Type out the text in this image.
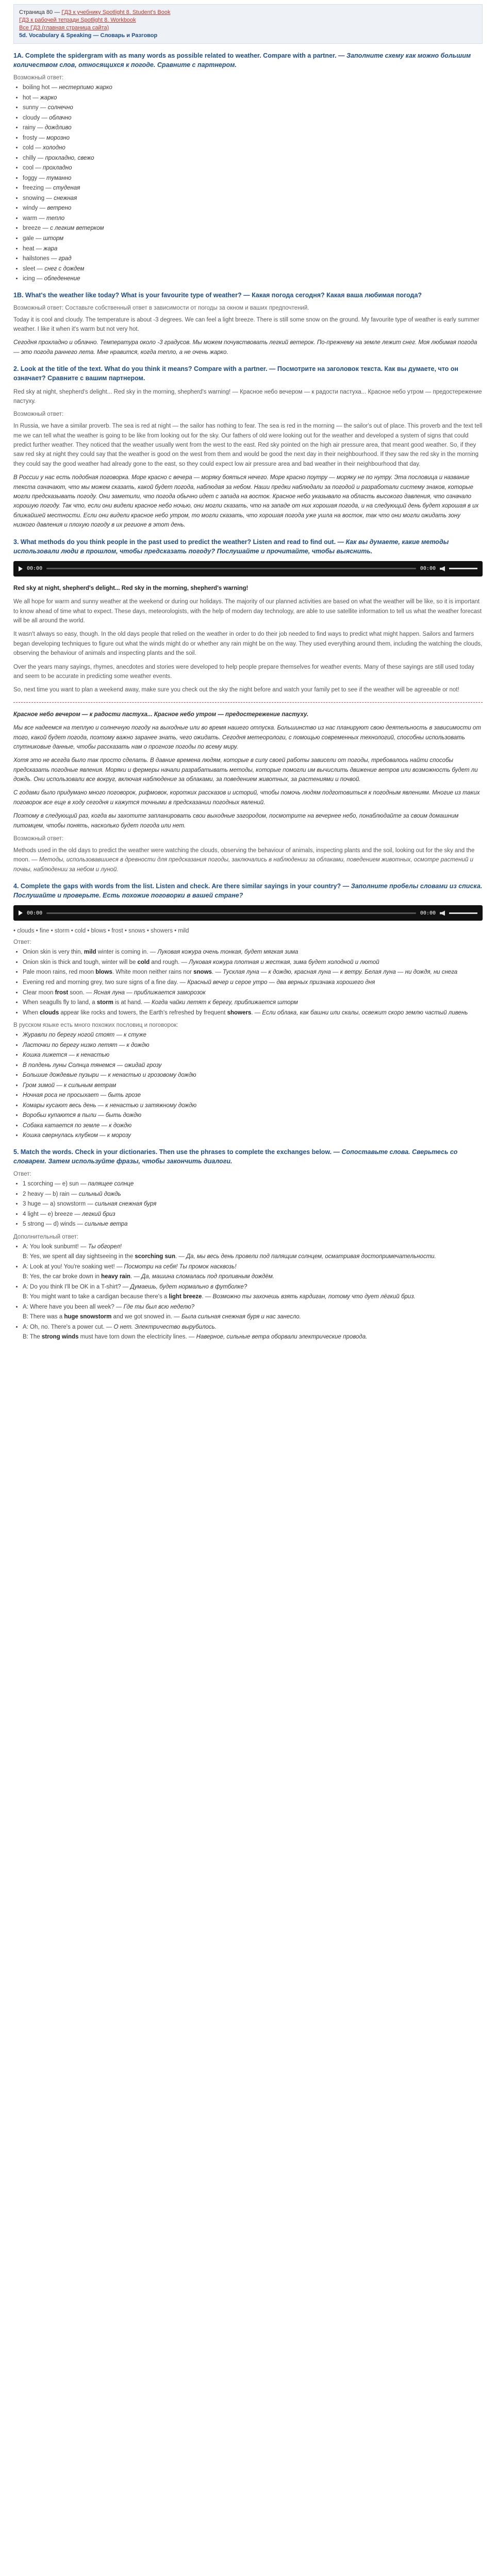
Страница 80 — ГДЗ к учебнику Spotlight 8. Student's Book
ГДЗ к рабочей тетради Spotlight 8. Workbook
Все ГДЗ (главная страница сайта)
5d. Vocabulary & Speaking — Словарь и Разговор
1A. Complete the spidergram with as many words as possible related to weather. Compare with a partner. — Заполните схему как можно большим количеством слов, относящихся к погоде. Сравните с партнером.
Возможный ответ:
• boiling hot — нестерпимо жарко
• hot — жарко
• sunny — солнечно
• cloudy — облачно
• rainy — дождливо
• frosty — морозно
• cold — холодно
• chilly — прохладно, свежо
• cool — прохладно
• foggy — туманно
• freezing — студеная
• snowing — снежная
• windy — ветрено
• warm — тепло
• breeze — с легким ветерком
• gale — шторм
• heat — жара
• hailstones — град
• sleet — снег с дождем
• icing — обледенение
1B. What's the weather like today? What is your favourite type of weather? — Какая погода сегодня? Какая ваша любимая погода?
Возможный ответ: Составьте собственный ответ в зависимости от погоды за окном и ваших предпочтений.
Today it is cool and cloudy. The temperature is about -3 degrees. We can feel a light breeze. There is still some snow on the ground. My favourite type of weather is early summer weather. I like it when it's warm but not very hot.
Сегодня прохладно и облачно. Температура около -3 градусов. Мы можем почувствовать легкий ветерок. По-прежнему на земле лежит снег. Моя любимая погода — это погода раннего лета. Мне нравится, когда тепло, а не очень жарко.
2. Look at the title of the text. What do you think it means? Compare with a partner. — Посмотрите на заголовок текста. Как вы думаете, что он означает? Сравните с вашим партнером.
Red sky at night, shepherd's delight... Red sky in the morning, shepherd's warning! — Красное небо вечером — к радости пастуха... Красное небо утром — предостережение пастуху.
Возможный ответ:
In Russia, we have a similar proverb. The sea is red at night — the sailor has nothing to fear. The sea is red in the morning — the sailor's out of place. This proverb and the text tell me we can tell what the weather is going to be like from looking out for the sky. Our fathers of old were looking out for the weather and developed a system of signs that could predict further weather. They noticed that the weather usually went from the west to the east. Red sky pointed on the high air pressure area, that meant good weather. So, if they saw red sky at night they could say that the weather is good on the west from them and would be good the next day in their neighbourhood. If they saw the red sky in the morning they could say the good weather had already gone to the east, so they could expect low air pressure area and bad weather in their neighbourhood that day.
В России у нас есть подобная поговорка. Море красно с вечера — моряку бояться нечего. Море красно поутру — моряку не по нутру. Эта пословица и название текста означают, что мы можем сказать, какой будет погода, наблюдая за небом. Наши предки наблюдали за погодой и разработали систему знаков, которые могли предсказывать погоду. Они заметили, что погода обычно идет с запада на восток. Красное небо указывало на область высокого давления, что означало хорошую погоду. Так что, если они видели красное небо ночью, они могли сказать, что на западе от них хорошая погода, и на следующий день будет хорошая в их ближайшей местности. Если они видели красное небо утром, то могли сказать, что хорошая погода уже ушла на восток, так что они могли ожидать зону низкого давления и плохую погоду в их регионе в этот день.
3. What methods do you think people in the past used to predict the weather? Listen and read to find out. — Как вы думаете, какие методы использовали люди в прошлом, чтобы предсказать погоду? Послушайте и прочитайте, чтобы выяснить.
00:00	00:00
Red sky at night, shepherd's delight... Red sky in the morning, shepherd's warning!
We all hope for warm and sunny weather at the weekend or during our holidays. The majority of our planned activities are based on what the weather will be like, so it is important to know ahead of time what to expect. These days, meteorologists, with the help of modern day technology, are able to use satellite information to tell us what the weather forecast will be all around the world.
It wasn't always so easy, though. In the old days people that relied on the weather in order to do their job needed to find ways to predict what might happen. Sailors and farmers began developing techniques to figure out what the winds might do or whether any rain might be on the way. They used everything around them, including the watching the clouds, observing the behaviour of animals and inspecting plants and the soil.
Over the years many sayings, rhymes, anecdotes and stories were developed to help people prepare themselves for weather events. Many of these sayings are still used today and seem to be accurate in predicting some weather events.
So, next time you want to plan a weekend away, make sure you check out the sky the night before and watch your family pet to see if the weather will be agreeable or not!
Красное небо вечером — к радости пастуха... Красное небо утром — предостережение пастуху.
Мы все надеемся на теплую и солнечную погоду на выходные или во время нашего отпуска. Большинство из нас планируют свою деятельность в зависимости от того, какой будет погода, поэтому важно заранее знать, чего ожидать. Сегодня метеорологи, с помощью современных технологий, способны использовать спутниковые данные, чтобы рассказать нам о прогнозе погоды по всему миру.
Хотя это не всегда было так просто сделать. В давние времена людям, которые в силу своей работы зависели от погоды, требовалось найти способы предсказать погодные явления. Моряки и фермеры начали разрабатывать методы, которые помогли им вычислить движение ветров или возможность будет ли дождь. Они использовали все вокруг, включая наблюдение за облаками, за поведением животных, за растениями и почвой.
С годами было придумано много поговорок, рифмовок, коротких рассказов и историй, чтобы помочь людям подготовиться к погодным явлениям. Многие из таких поговорок все еще в ходу сегодня и кажутся точными в предсказании погодных явлений.
Поэтому в следующий раз, когда вы захотите запланировать свои выходные загородом, посмотрите на вечернее небо, понаблюдайте за своим домашним питомцем, чтобы понять, насколько будет погода или нет.
Возможный ответ:
Methods used in the old days to predict the weather were watching the clouds, observing the behaviour of animals, inspecting plants and the soil, looking out for the sky and the moon. — Методы, использовавшиеся в древности для предсказания погоды, заключались в наблюдении за облаками, поведением животных, осмотре растений и почвы, наблюдении за небом и луной.
4. Complete the gaps with words from the list. Listen and check. Are there similar sayings in your country? — Заполните пробелы словами из списка. Послушайте и проверьте. Есть похожие поговорки в вашей стране?
00:00	00:00
• clouds • fine • storm • cold • blows • frost • snows • showers • mild
Ответ:
• Onion skin is very thin, mild winter is coming in. — Луковая кожура очень тонкая, будет мягкая зима
• Onion skin is thick and tough, winter will be cold and rough. — Луковая кожура плотная и жесткая, зима будет холодной и лютой
• Pale moon rains, red moon blows. White moon neither rains nor snows. — Тусклая луна — к дождю, красная луна — к ветру. Белая луна — ни дождя, ни снега
• Evening red and morning grey, two sure signs of a fine day. — Красный вечер и серое утро — два верных признака хорошего дня
• Clear moon frost soon. — Ясная луна — приближается заморозок
• When seagulls fly to land, a storm is at hand. — Когда чайки летят к берегу, приближается шторм
• When clouds appear like rocks and towers, the Earth's refreshed by frequent showers. — Если облака, как башни или скалы, освежит скоро землю частый ливень
В русском языке есть много похожих пословиц и поговорок:
• Журавли по берегу ногой стоят — к стуже
• Ласточки по берегу низко летят — к дождю
• Кошка лижется — к ненастью
• В полдень луны Солнца тянемся — ожидай грозу
• Большие дождевые пузыри — к ненастью и грозовому дождю
• Гром зимой — к сильным ветрам
• Ночная роса не просыхает — быть грозе
• Комары кусают весь день — к ненастью и затяжному дождю
• Воробьи купаются в пыли — быть дождю
• Собака катается по земле — к дождю
• Кошка свернулась клубком — к морозу
5. Match the words. Check in your dictionaries. Then use the phrases to complete the exchanges below. — Сопоставьте слова. Сверьтесь со словарем. Затем используйте фразы, чтобы закончить диалоги.
Ответ:
• 1 scorching — e) sun — палящее солнце
• 2 heavy — b) rain — сильный дождь
• 3 huge — a) snowstorm — сильная снежная буря
• 4 light — e) breeze — легкий бриз
• 5 strong — d) winds — сильные ветра
Дополнительный ответ:
• A: You look sunburnt! — Ты обгорел!
B: Yes, we spent all day sightseeing in the scorching sun. — Да, мы весь день провели под палящим солнцем, осматривая достопримечательности.
• A: Look at you! You're soaking wet! — Посмотри на себя! Ты промок насквозь!
B: Yes, the car broke down in heavy rain. — Да, машина сломалась под проливным дождём.
• A: Do you think I'll be OK in a T-shirt? — Думаешь, будет нормально в футболке?
B: You might want to take a cardigan because there's a light breeze. — Возможно ты захочешь взять кардиган, потому что дует лёгкий бриз.
• A: Where have you been all week? — Где ты был всю неделю?
B: There was a huge snowstorm and we got snowed in. — Была сильная снежная буря и нас занесло.
• A: Oh, no. There's a power cut. — О нет. Электричество вырубилось.
B: The strong winds must have torn down the electricity lines. — Наверное, сильные ветра оборвали электрические провода.
